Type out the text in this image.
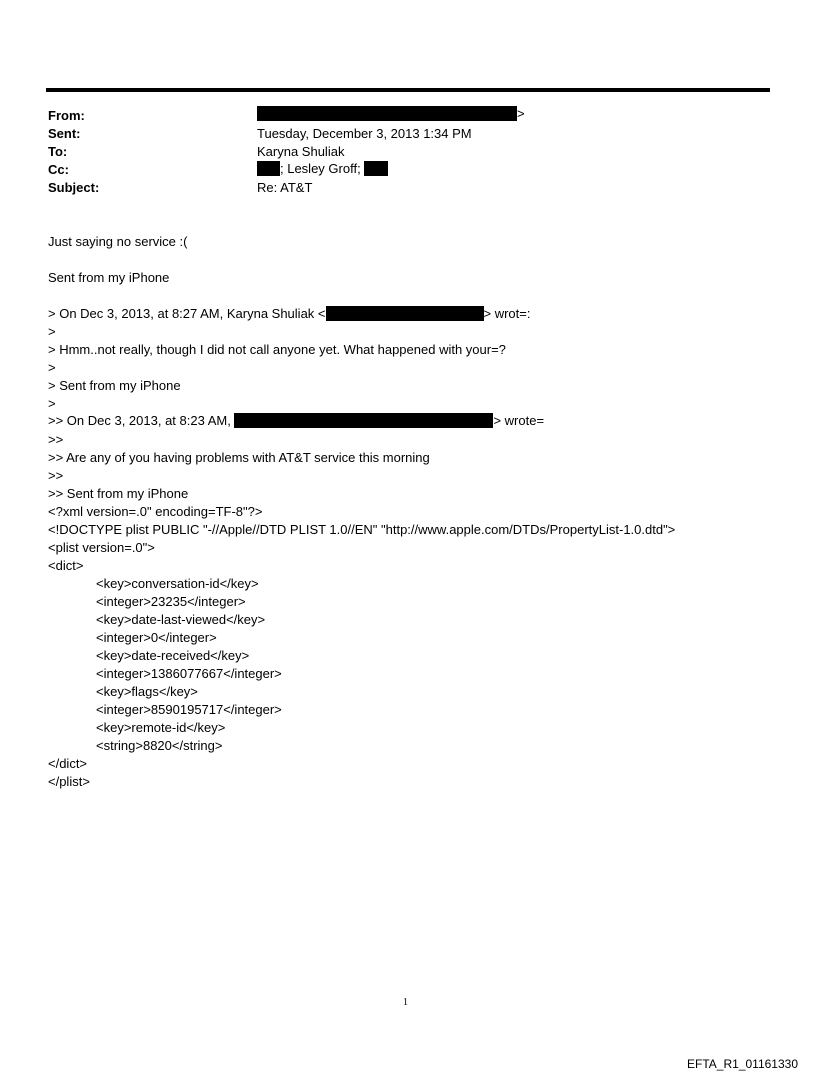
From:	>
Sent:	Tuesday, December 3, 2013 1:34 PM
To:	Karyna Shuliak
Cc:	; Lesley Groff;
Subject:	Re: AT&T
Just saying no service :(
Sent from my iPhone
> On Dec 3, 2013, at 8:27 AM, Karyna Shuliak <	> wrot=:
>
> Hmm..not really, though I did not call anyone yet. What happened with your=?
>
> Sent from my iPhone
>
>> On Dec 3, 2013, at 8:23 AM,	> wrote=
>>
>> Are any of you having problems with AT&T service this morning
>>
>> Sent from my iPhone
<?xml version=.0" encoding=TF-8"?>
<!DOCTYPE plist PUBLIC "-//Apple//DTD PLIST 1.0//EN" "http://www.apple.com/DTDs/PropertyList-1.0.dtd">
<plist version=.0">
<dict>
<key>conversation-id</key>
<integer>23235</integer>
<key>date-last-viewed</key>
<integer>0</integer>
<key>date-received</key>
<integer>1386077667</integer>
<key>flags</key>
<integer>8590195717</integer>
<key>remote-id</key>
<string>8820</string>
</dict>
</plist>
1
EFTA_R1_01161330
